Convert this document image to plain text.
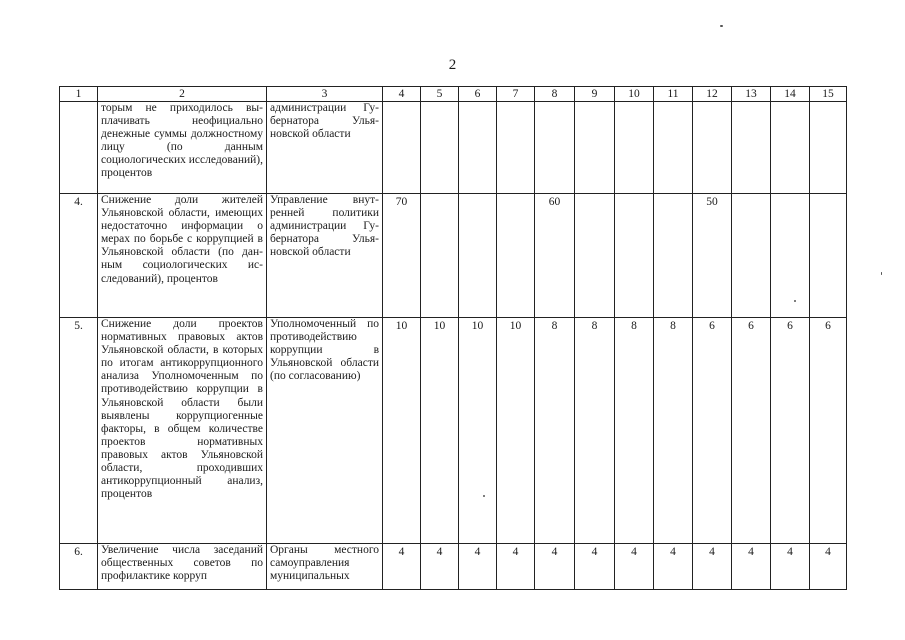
2
1	2	3	4	5	6	7	8	9	10	11	12	13	14	15
	торым не приходилось выплачивать неофициально денежные суммы должностному лицу (по данным социологических исследований), процентов	администрации Губернатора Ульяновской области												
4.	Снижение доли жителей Ульяновской области, имеющих недостаточно информации о мерах по борьбе с коррупцией в Ульяновской области (по данным социологических исследований), процентов	Управление внутренней политики администрации Губернатора Ульяновской области	70				60				50			
5.	Снижение доли проектов нормативных правовых актов Ульяновской области, в которых по итогам антикоррупционного анализа Уполномоченным по противодействию коррупции в Ульяновской области были выявлены коррупциогенные факторы, в общем количестве проектов нормативных правовых актов Ульяновской области, проходивших антикоррупционный анализ, процентов	Уполномоченный по противодействию коррупции в Ульяновской области (по согласованию)	10	10	10	10	8	8	8	8	6	6	6	6
6.	Увеличение числа заседаний общественных советов по профилактике корруп	Органы местного самоуправления муниципальных	4	4	4	4	4	4	4	4	4	4	4	4
